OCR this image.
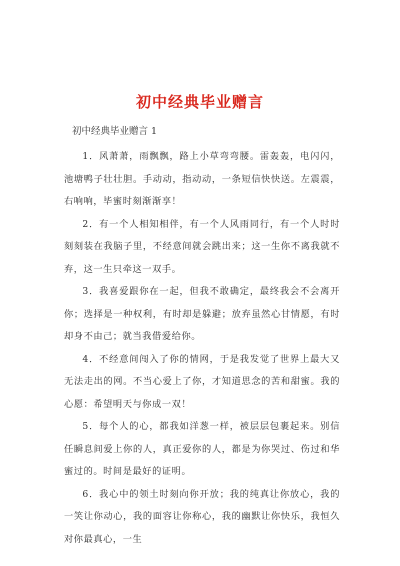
初中经典毕业赠言
初中经典毕业赠言 1

1．风萧萧，雨飘飘，路上小草弯弯腰。雷轰轰，电闪闪，池塘鸭子壮壮胆。手动动，指动动，一条短信快快送。左震震，右响响，毕蜜时刻渐渐享！

2．有一个人相知相伴，有一个人风雨同行，有一个人时时刻刻装在我脑子里，不经意间就会跳出来；这一生你不离我就不弃，这一生只牵这一双手。

3．我喜爱跟你在一起，但我不敢确定，最终我会不会离开你；选择是一种权利，有时却是躲避；放弃虽然心甘情愿，有时却身不由己；就当我借爱给你。

4．不经意间闯入了你的情网，于是我发觉了世界上最大又无法走出的网。不当心爱上了你，才知道思念的苦和甜蜜。我的心愿：希望明天与你成一双！

5．每个人的心，都我如洋葱一样，被层层包裹起来。别信任瞬息间爱上你的人，真正爱你的人，都是为你哭过、伤过和华蜜过的。时间是最好的证明。

6．我心中的领土时刻向你开放；我的纯真让你放心，我的一笑让你动心，我的面容让你称心，我的幽默让你快乐，我恒久对你最真心，一生
